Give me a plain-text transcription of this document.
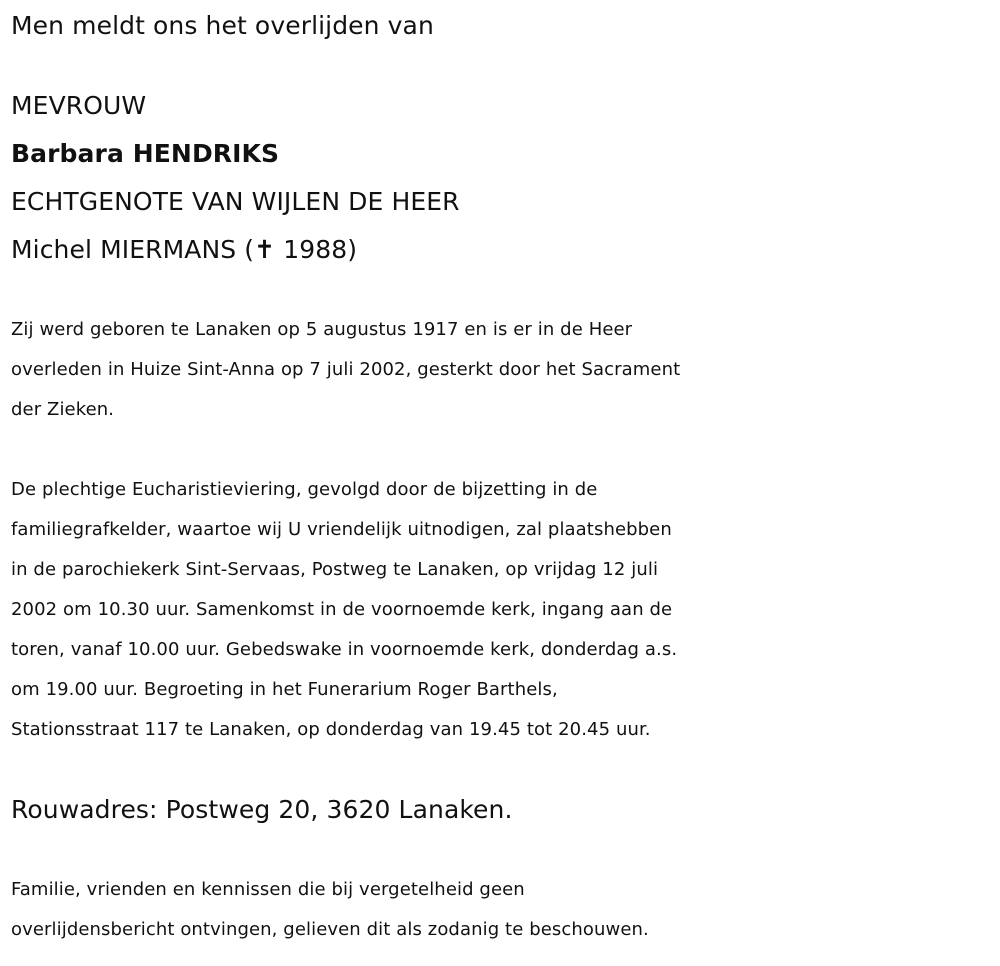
Men meldt ons het overlijden van
MEVROUW
Barbara HENDRIKS
ECHTGENOTE VAN WIJLEN DE HEER
Michel MIERMANS (✝ 1988)
Zij werd geboren te Lanaken op 5 augustus 1917 en is er in de Heer
overleden in Huize Sint-Anna op 7 juli 2002, gesterkt door het Sacrament
der Zieken.
De plechtige Eucharistieviering, gevolgd door de bijzetting in de
familiegrafkelder, waartoe wij U vriendelijk uitnodigen, zal plaatshebben
in de parochiekerk Sint-Servaas, Postweg te Lanaken, op vrijdag 12 juli
2002 om 10.30 uur. Samenkomst in de voornoemde kerk, ingang aan de
toren, vanaf 10.00 uur. Gebedswake in voornoemde kerk, donderdag a.s.
om 19.00 uur. Begroeting in het Funerarium Roger Barthels,
Stationsstraat 117 te Lanaken, op donderdag van 19.45 tot 20.45 uur.
Rouwadres: Postweg 20, 3620 Lanaken.
Familie, vrienden en kennissen die bij vergetelheid geen
overlijdensbericht ontvingen, gelieven dit als zodanig te beschouwen.
